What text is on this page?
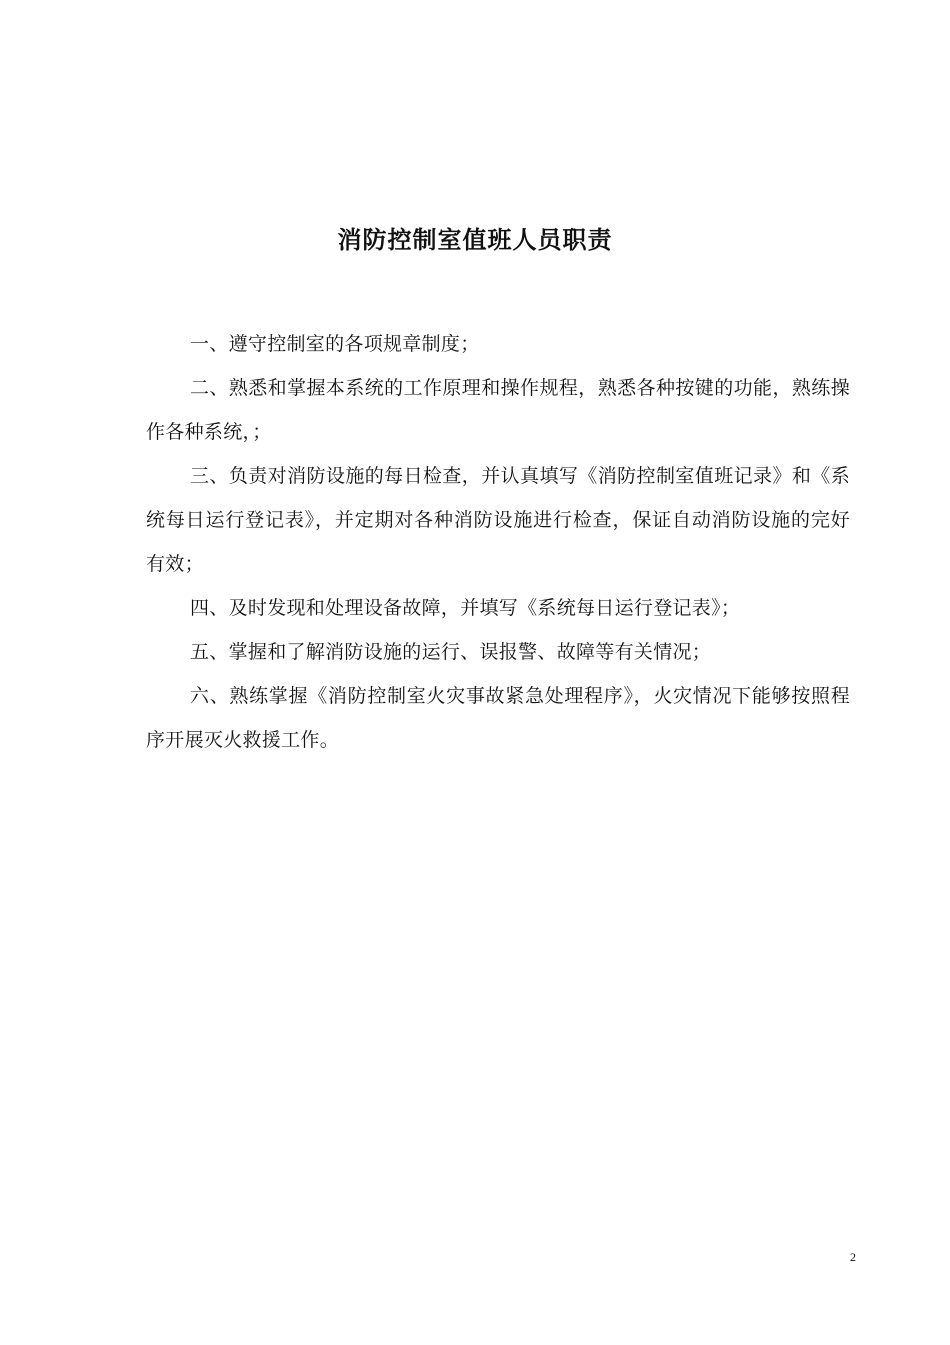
消防控制室值班人员职责

一、遵守控制室的各项规章制度；

二、熟悉和掌握本系统的工作原理和操作规程，熟悉各种按键的功能，熟练操作各种系统，；

三、负责对消防设施的每日检查，并认真填写《消防控制室值班记录》和《系统每日运行登记表》，并定期对各种消防设施进行检查，保证自动消防设施的完好有效；

四、及时发现和处理设备故障，并填写《系统每日运行登记表》；

五、掌握和了解消防设施的运行、误报警、故障等有关情况；

六、熟练掌握《消防控制室火灾事故紧急处理程序》，火灾情况下能够按照程序开展灭火救援工作。

2
